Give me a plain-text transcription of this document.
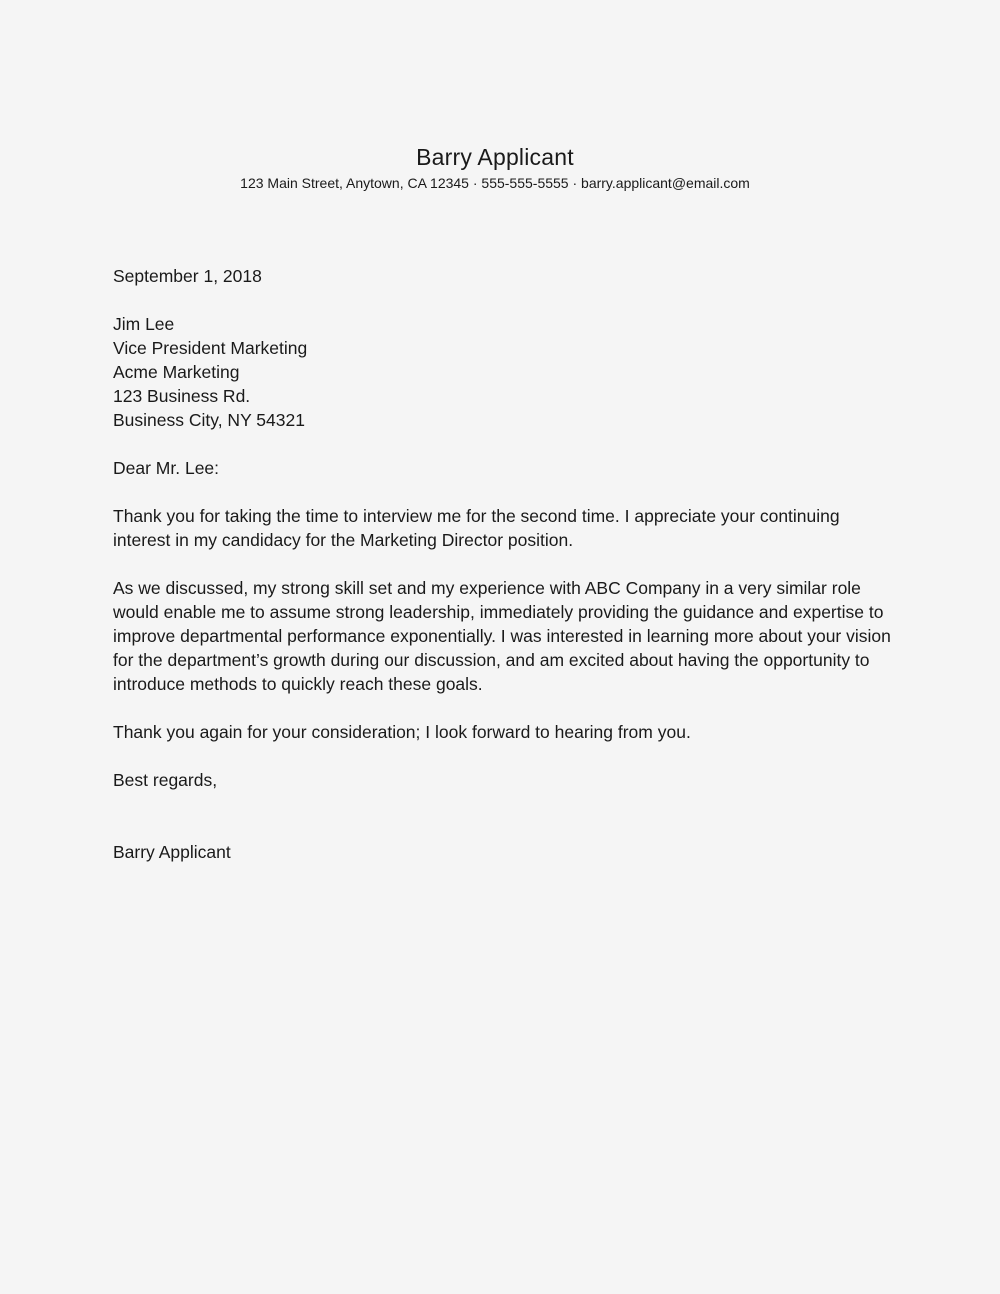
Barry Applicant
123 Main Street, Anytown, CA 12345 · 555-555-5555 · barry.applicant@email.com

September 1, 2018

Jim Lee
Vice President Marketing
Acme Marketing
123 Business Rd.
Business City, NY 54321

Dear Mr. Lee:

Thank you for taking the time to interview me for the second time. I appreciate your continuing interest in my candidacy for the Marketing Director position.

As we discussed, my strong skill set and my experience with ABC Company in a very similar role would enable me to assume strong leadership, immediately providing the guidance and expertise to improve departmental performance exponentially. I was interested in learning more about your vision for the department’s growth during our discussion, and am excited about having the opportunity to introduce methods to quickly reach these goals.

Thank you again for your consideration; I look forward to hearing from you.

Best regards,

Barry Applicant
